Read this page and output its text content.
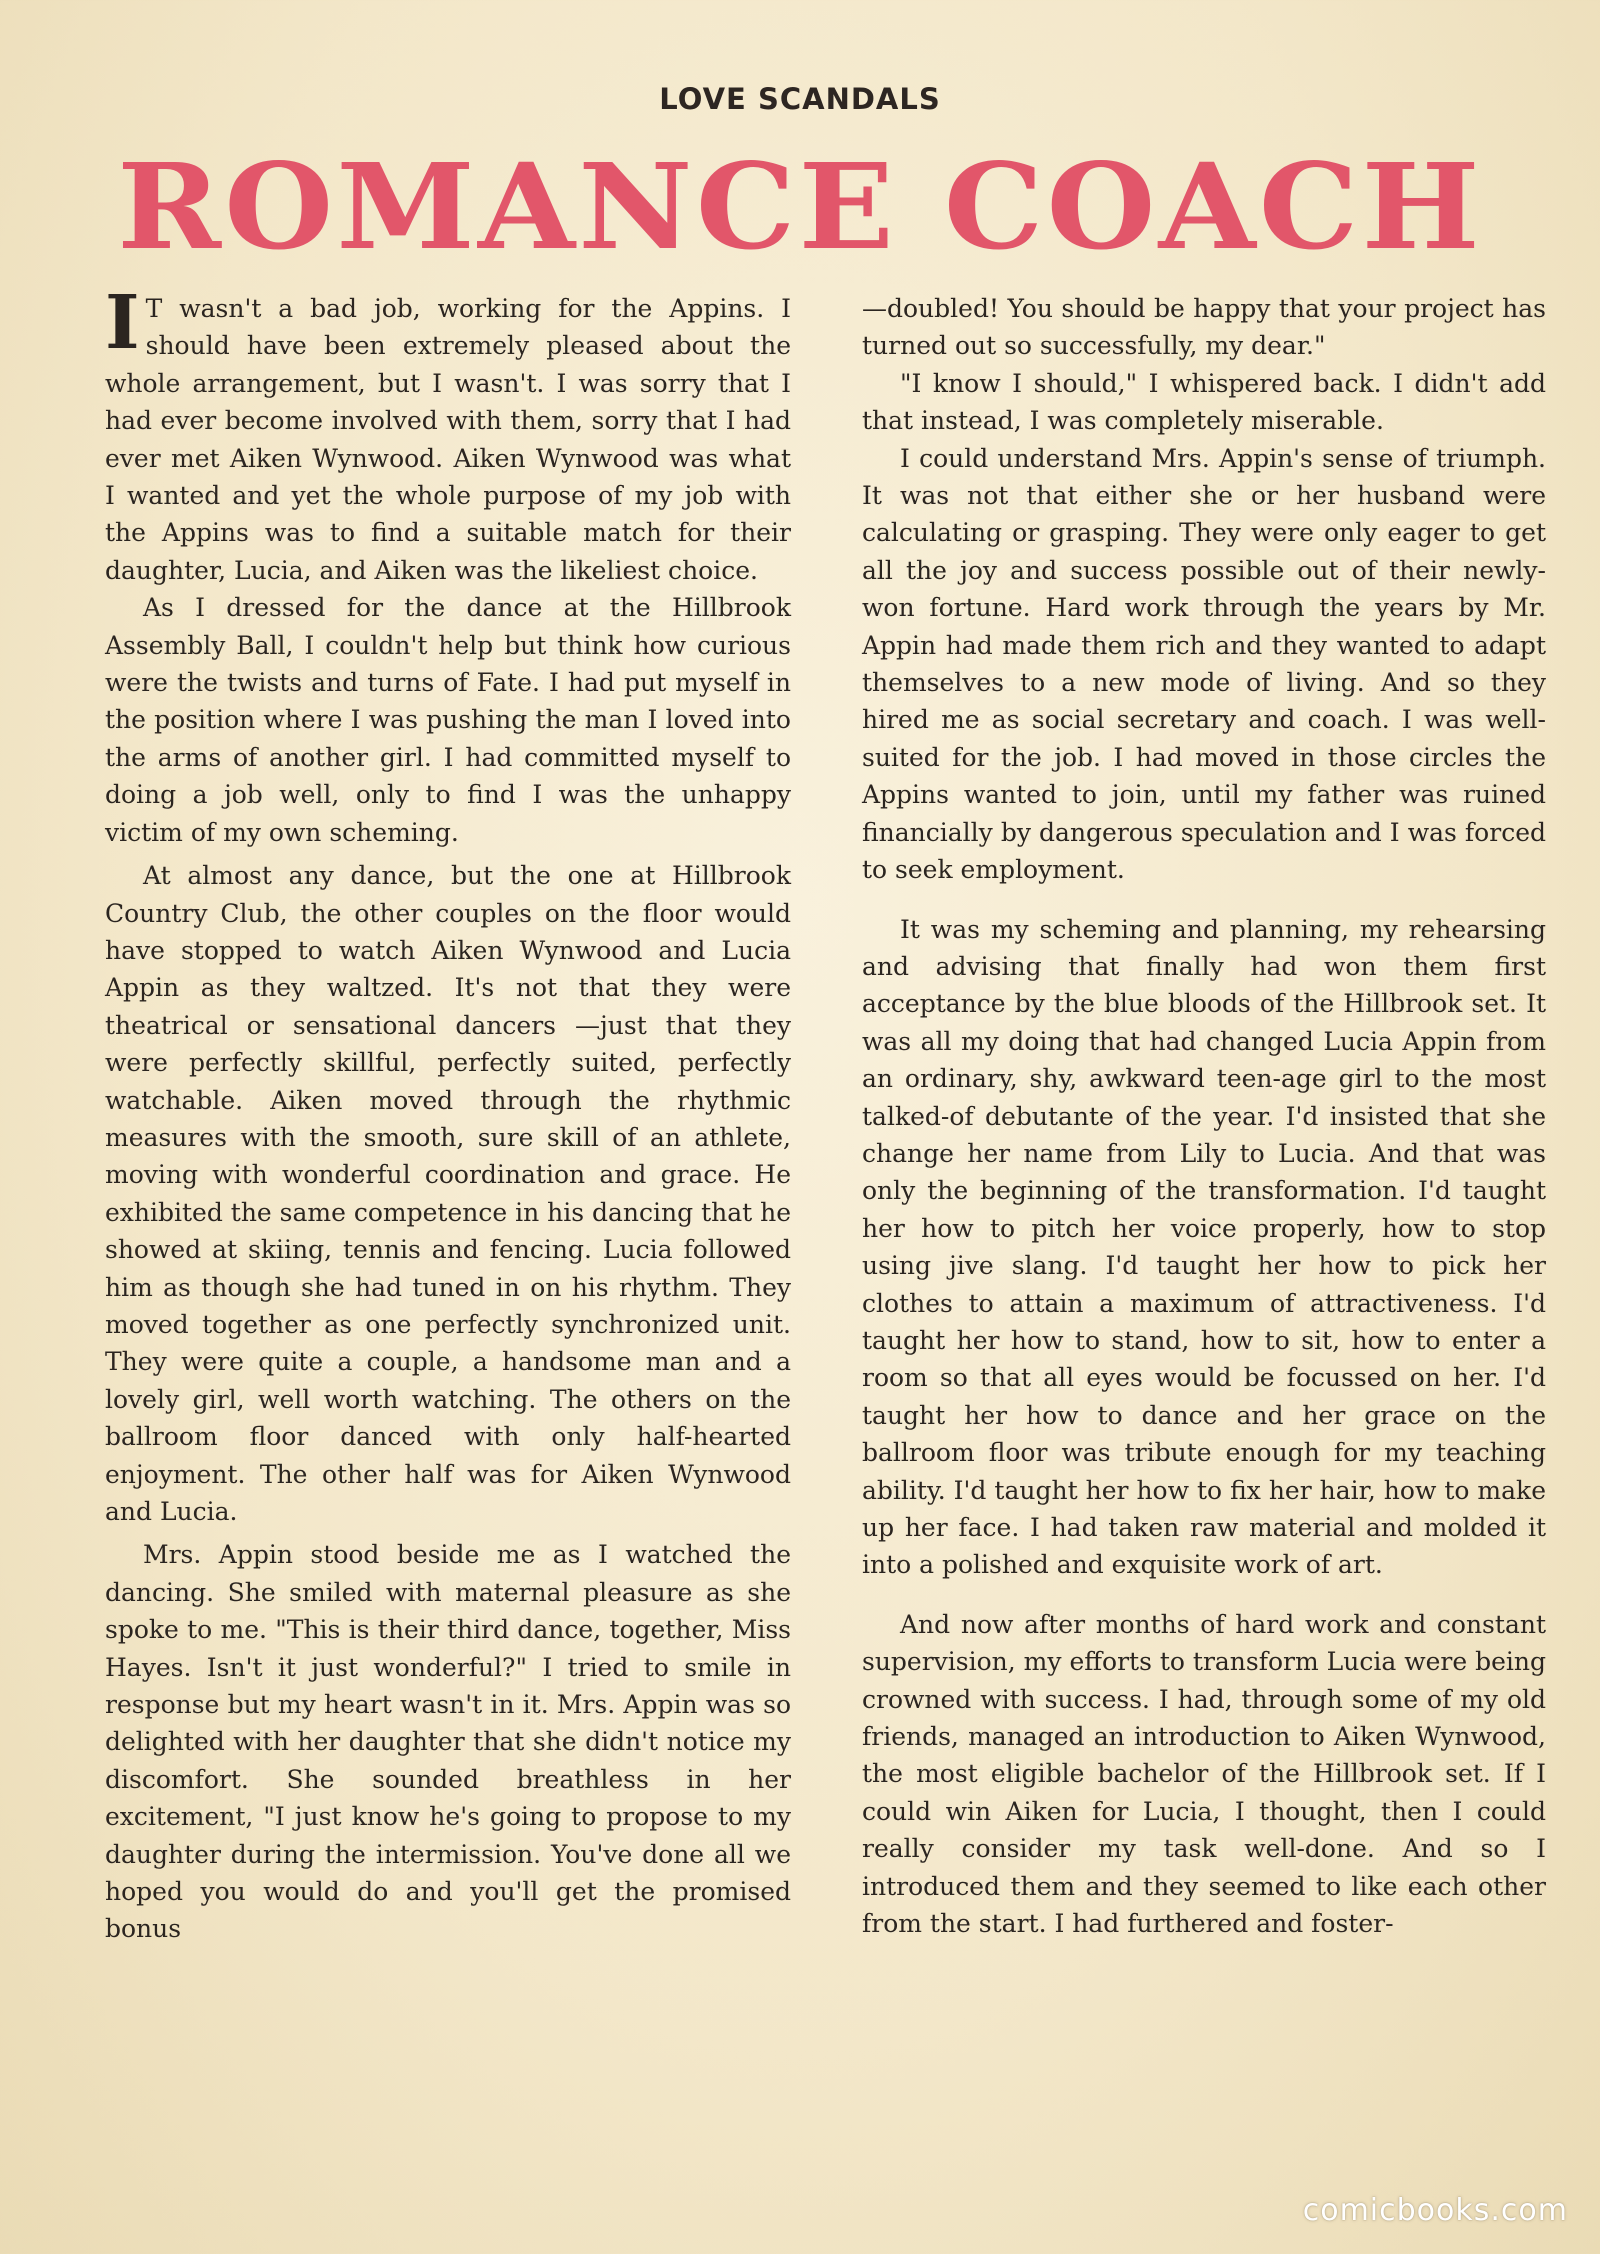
LOVE SCANDALS
ROMANCE COACH

I T wasn't a bad job, working for the Appins. I should have been extremely pleased about the whole arrangement, but I wasn't. I was sorry that I had ever become involved with them, sorry that I had ever met Aiken Wynwood. Aiken Wynwood was what I wanted and yet the whole purpose of my job with the Appins was to find a suitable match for their daughter, Lucia, and Aiken was the likeliest choice.

As I dressed for the dance at the Hillbrook Assembly Ball, I couldn't help but think how curious were the twists and turns of Fate. I had put myself in the position where I was pushing the man I loved into the arms of another girl. I had committed myself to doing a job well, only to find I was the unhappy victim of my own scheming.

At almost any dance, but the one at Hillbrook Country Club, the other couples on the floor would have stopped to watch Aiken Wynwood and Lucia Appin as they waltzed. It's not that they were theatrical or sensational dancers —just that they were perfectly skillful, perfectly suited, perfectly watchable. Aiken moved through the rhythmic measures with the smooth, sure skill of an athlete, moving with wonderful coordination and grace. He exhibited the same competence in his dancing that he showed at skiing, tennis and fencing. Lucia followed him as though she had tuned in on his rhythm. They moved together as one perfectly synchronized unit. They were quite a couple, a handsome man and a lovely girl, well worth watching. The others on the ballroom floor danced with only half-hearted enjoyment. The other half was for Aiken Wynwood and Lucia.

Mrs. Appin stood beside me as I watched the dancing. She smiled with maternal pleasure as she spoke to me. "This is their third dance, together, Miss Hayes. Isn't it just wonderful?" I tried to smile in response but my heart wasn't in it. Mrs. Appin was so delighted with her daughter that she didn't notice my discomfort. She sounded breathless in her excitement, "I just know he's going to propose to my daughter during the intermission. You've done all we hoped you would do and you'll get the promised bonus

—doubled! You should be happy that your project has turned out so successfully, my dear."

"I know I should," I whispered back. I didn't add that instead, I was completely miserable.

I could understand Mrs. Appin's sense of triumph. It was not that either she or her husband were calculating or grasping. They were only eager to get all the joy and success possible out of their newly-won fortune. Hard work through the years by Mr. Appin had made them rich and they wanted to adapt themselves to a new mode of living. And so they hired me as social secretary and coach. I was well-suited for the job. I had moved in those circles the Appins wanted to join, until my father was ruined financially by dangerous speculation and I was forced to seek employment.

It was my scheming and planning, my rehearsing and advising that finally had won them first acceptance by the blue bloods of the Hillbrook set. It was all my doing that had changed Lucia Appin from an ordinary, shy, awkward teen-age girl to the most talked-of debutante of the year. I'd insisted that she change her name from Lily to Lucia. And that was only the beginning of the transformation. I'd taught her how to pitch her voice properly, how to stop using jive slang. I'd taught her how to pick her clothes to attain a maximum of attractiveness. I'd taught her how to stand, how to sit, how to enter a room so that all eyes would be focussed on her. I'd taught her how to dance and her grace on the ballroom floor was tribute enough for my teaching ability. I'd taught her how to fix her hair, how to make up her face. I had taken raw material and molded it into a polished and exquisite work of art.

And now after months of hard work and constant supervision, my efforts to transform Lucia were being crowned with success. I had, through some of my old friends, managed an introduction to Aiken Wynwood, the most eligible bachelor of the Hillbrook set. If I could win Aiken for Lucia, I thought, then I could really consider my task well-done. And so I introduced them and they seemed to like each other from the start. I had furthered and foster-

comicbooks.com
